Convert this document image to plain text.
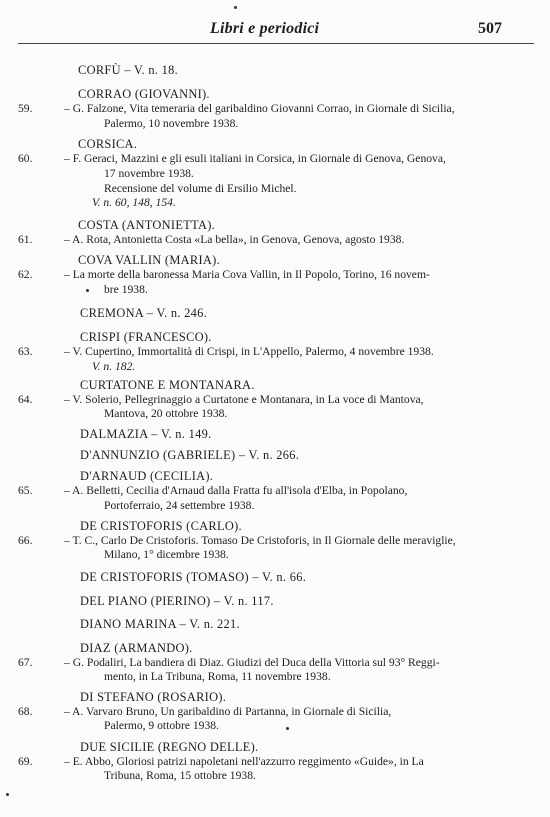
Libri e periodici	507
CORFÙ – V. n. 18.
CORRAO (GIOVANNI).
59.	– G. Falzone, Vita temeraria del garibaldino Giovanni Corrao, in Giornale di Sicilia,
Palermo, 10 novembre 1938.
CORSICA.
60.	– F. Geraci, Mazzini e gli esuli italiani in Corsica, in Giornale di Genova, Genova,
17 novembre 1938.
Recensione del volume di Ersilio Michel.
V. n. 60, 148, 154.
COSTA (ANTONIETTA).
61.	– A. Rota, Antonietta Costa «La bella», in Genova, Genova, agosto 1938.
COVA VALLIN (MARIA).
62.	– La morte della baronessa Maria Cova Vallin, in Il Popolo, Torino, 16 novem-
bre 1938.
CREMONA – V. n. 246.
CRISPI (FRANCESCO).
63.	– V. Cupertino, Immortalità di Crispi, in L'Appello, Palermo, 4 novembre 1938.
V. n. 182.
CURTATONE E MONTANARA.
64.	– V. Solerio, Pellegrinaggio a Curtatone e Montanara, in La voce di Mantova,
Mantova, 20 ottobre 1938.
DALMAZIA – V. n. 149.
D'ANNUNZIO (GABRIELE) – V. n. 266.
D'ARNAUD (CECILIA).
65.	– A. Belletti, Cecilia d'Arnaud dalla Fratta fu all'isola d'Elba, in Popolano,
Portoferraio, 24 settembre 1938.
DE CRISTOFORIS (CARLO).
66.	– T. C., Carlo De Cristoforis. Tomaso De Cristoforis, in Il Giornale delle meraviglie,
Milano, 1° dicembre 1938.
DE CRISTOFORIS (TOMASO) – V. n. 66.
DEL PIANO (PIERINO) – V. n. 117.
DIANO MARINA – V. n. 221.
DIAZ (ARMANDO).
67.	– G. Podaliri, La bandiera di Diaz. Giudizi del Duca della Vittoria sul 93° Reggi-
mento, in La Tribuna, Roma, 11 novembre 1938.
DI STEFANO (ROSARIO).
68.	– A. Varvaro Bruno, Un garibaldino di Partanna, in Giornale di Sicilia,
Palermo, 9 ottobre 1938.
DUE SICILIE (REGNO DELLE).
69.	– E. Abbo, Gloriosi patrizi napoletani nell'azzurro reggimento «Guide», in La
Tribuna, Roma, 15 ottobre 1938.
